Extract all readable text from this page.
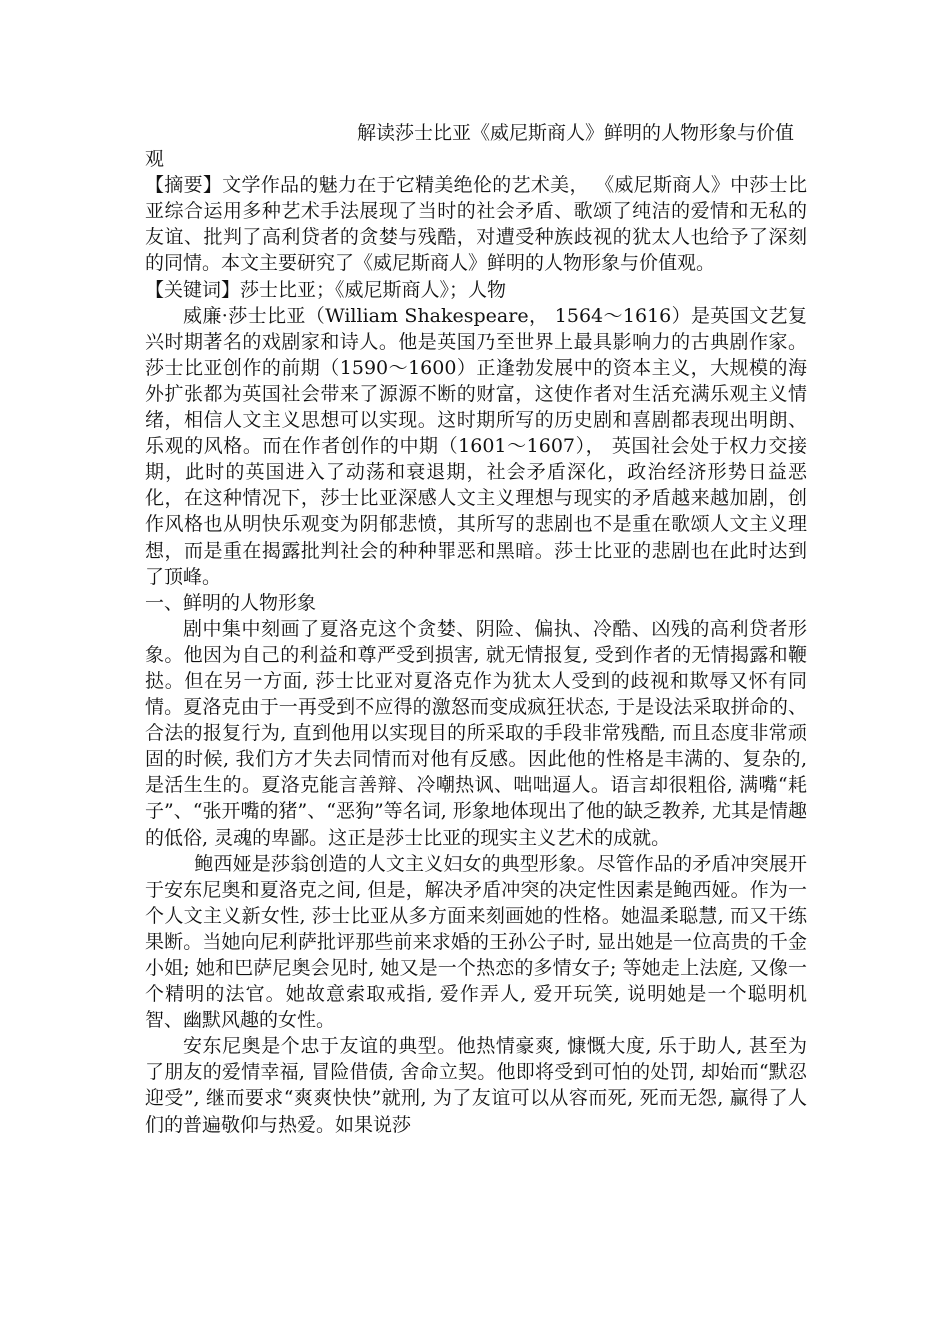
解读莎士比亚《威尼斯商人》鲜明的人物形象与价值观

【摘要】文学作品的魅力在于它精美绝伦的艺术美， 《威尼斯商人》中莎士比亚综合运用多种艺术手法展现了当时的社会矛盾、歌颂了纯洁的爱情和无私的友谊、批判了高利贷者的贪婪与残酷，对遭受种族歧视的犹太人也给予了深刻的同情。本文主要研究了《威尼斯商人》鲜明的人物形象与价值观。

【关键词】莎士比亚；《威尼斯商人》；人物

威廉·莎士比亚（William Shakespeare， 1564～1616）是英国文艺复兴时期著名的戏剧家和诗人。他是英国乃至世界上最具影响力的古典剧作家。莎士比亚创作的前期（1590～1600）正逢勃发展中的资本主义，大规模的海外扩张都为英国社会带来了源源不断的财富，这使作者对生活充满乐观主义情绪，相信人文主义思想可以实现。这时期所写的历史剧和喜剧都表现出明朗、乐观的风格。而在作者创作的中期（1601～1607）， 英国社会处于权力交接期，此时的英国进入了动荡和衰退期，社会矛盾深化，政治经济形势日益恶化，在这种情况下，莎士比亚深感人文主义理想与现实的矛盾越来越加剧，创作风格也从明快乐观变为阴郁悲愤，其所写的悲剧也不是重在歌颂人文主义理想，而是重在揭露批判社会的种种罪恶和黑暗。莎士比亚的悲剧也在此时达到了顶峰。

一、鲜明的人物形象

剧中集中刻画了夏洛克这个贪婪、阴险、偏执、冷酷、凶残的高利贷者形象。他因为自己的利益和尊严受到损害, 就无情报复, 受到作者的无情揭露和鞭挞。但在另一方面, 莎士比亚对夏洛克作为犹太人受到的歧视和欺辱又怀有同情。夏洛克由于一再受到不应得的激怒而变成疯狂状态, 于是设法采取拼命的、合法的报复行为, 直到他用以实现目的所采取的手段非常残酷, 而且态度非常顽固的时候, 我们方才失去同情而对他有反感。因此他的性格是丰满的、复杂的, 是活生生的。夏洛克能言善辩、冷嘲热讽、咄咄逼人。语言却很粗俗, 满嘴“耗子”、“张开嘴的猪”、“恶狗”等名词, 形象地体现出了他的缺乏教养, 尤其是情趣的低俗, 灵魂的卑鄙。这正是莎士比亚的现实主义艺术的成就。

鲍西娅是莎翁创造的人文主义妇女的典型形象。尽管作品的矛盾冲突展开于安东尼奥和夏洛克之间, 但是，解决矛盾冲突的决定性因素是鲍西娅。作为一个人文主义新女性, 莎士比亚从多方面来刻画她的性格。她温柔聪慧, 而又干练果断。当她向尼利萨批评那些前来求婚的王孙公子时, 显出她是一位高贵的千金小姐; 她和巴萨尼奥会见时, 她又是一个热恋的多情女子; 等她走上法庭, 又像一个精明的法官。她故意索取戒指, 爱作弄人, 爱开玩笑, 说明她是一个聪明机智、幽默风趣的女性。

安东尼奥是个忠于友谊的典型。他热情豪爽, 慷慨大度, 乐于助人, 甚至为了朋友的爱情幸福, 冒险借债, 舍命立契。他即将受到可怕的处罚, 却始而“默忍迎受”, 继而要求“爽爽快快”就刑, 为了友谊可以从容而死, 死而无怨, 赢得了人们的普遍敬仰与热爱。如果说莎
